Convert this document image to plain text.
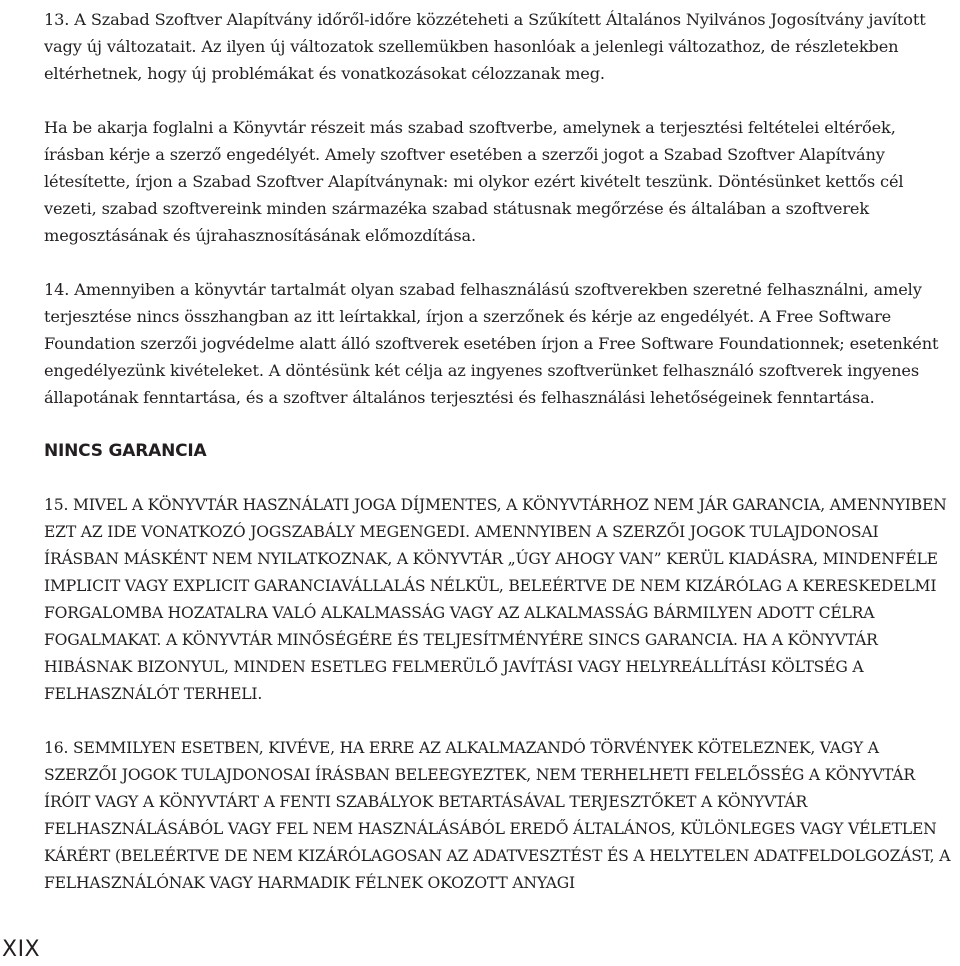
13. A Szabad Szoftver Alapítvány időről-időre közzéteheti a Szűkített Általános Nyilvános Jogosítvány javított vagy új változatait. Az ilyen új változatok szellemükben hasonlóak a jelenlegi változathoz, de részletekben eltérhetnek, hogy új problémákat és vonatkozásokat célozzanak meg.

Ha be akarja foglalni a Könyvtár részeit más szabad szoftverbe, amelynek a terjesztési feltételei eltérőek, írásban kérje a szerző engedélyét. Amely szoftver esetében a szerzői jogot a Szabad Szoftver Alapítvány létesítette, írjon a Szabad Szoftver Alapítványnak: mi olykor ezért kivételt teszünk. Döntésünket kettős cél vezeti, szabad szoftvereink minden származéka szabad státusnak megőrzése és általában a szoftverek megosztásának és újrahasznosításának előmozdítása.

14. Amennyiben a könyvtár tartalmát olyan szabad felhasználású szoftverekben szeretné felhasználni, amely terjesztése nincs összhangban az itt leírtakkal, írjon a szerzőnek és kérje az engedélyét. A Free Software Foundation szerzői jogvédelme alatt álló szoftverek esetében írjon a Free Software Foundationnek; esetenként engedélyezünk kivételeket. A döntésünk két célja az ingyenes szoftverünket felhasználó szoftverek ingyenes állapotának fenntartása, és a szoftver általános terjesztési és felhasználási lehetőségeinek fenntartása.

NINCS GARANCIA

15. MIVEL A KÖNYVTÁR HASZNÁLATI JOGA DÍJMENTES, A KÖNYVTÁRHOZ NEM JÁR GARANCIA, AMENNYIBEN EZT AZ IDE VONATKOZÓ JOGSZABÁLY MEGENGEDI. AMENNYIBEN A SZERZŐI JOGOK TULAJDONOSAI ÍRÁSBAN MÁSKÉNT NEM NYILATKOZNAK, A KÖNYVTÁR „ÚGY AHOGY VAN” KERÜL KIADÁSRA, MINDENFÉLE IMPLICIT VAGY EXPLICIT GARANCIAVÁLLALÁS NÉLKÜL, BELEÉRTVE DE NEM KIZÁRÓLAG A KERESKEDELMI FORGALOMBA HOZATALRA VALÓ ALKALMASSÁG VAGY AZ ALKALMASSÁG BÁRMILYEN ADOTT CÉLRA FOGALMAKAT. A KÖNYVTÁR MINŐSÉGÉRE ÉS TELJESÍTMÉNYÉRE SINCS GARANCIA. HA A KÖNYVTÁR HIBÁSNAK BIZONYUL, MINDEN ESETLEG FELMERÜLŐ JAVÍTÁSI VAGY HELYREÁLLÍTÁSI KÖLTSÉG A FELHASZNÁLÓT TERHELI.

16. SEMMILYEN ESETBEN, KIVÉVE, HA ERRE AZ ALKALMAZANDÓ TÖRVÉNYEK KÖTELEZNEK, VAGY A SZERZŐI JOGOK TULAJDONOSAI ÍRÁSBAN BELEEGYEZTEK, NEM TERHELHETI FELELŐSSÉG A KÖNYVTÁR ÍRÓIT VAGY A KÖNYVTÁRT A FENTI SZABÁLYOK BETARTÁSÁVAL TERJESZTŐKET A KÖNYVTÁR FELHASZNÁLÁSÁBÓL VAGY FEL NEM HASZNÁLÁSÁBÓL EREDŐ ÁLTALÁNOS, KÜLÖNLEGES VAGY VÉLETLEN KÁRÉRT (BELEÉRTVE DE NEM KIZÁRÓLAGOSAN AZ ADATVESZTÉST ÉS A HELYTELEN ADATFELDOLGOZÁST, A FELHASZNÁLÓNAK VAGY HARMADIK FÉLNEK OKOZOTT ANYAGI

XIX
